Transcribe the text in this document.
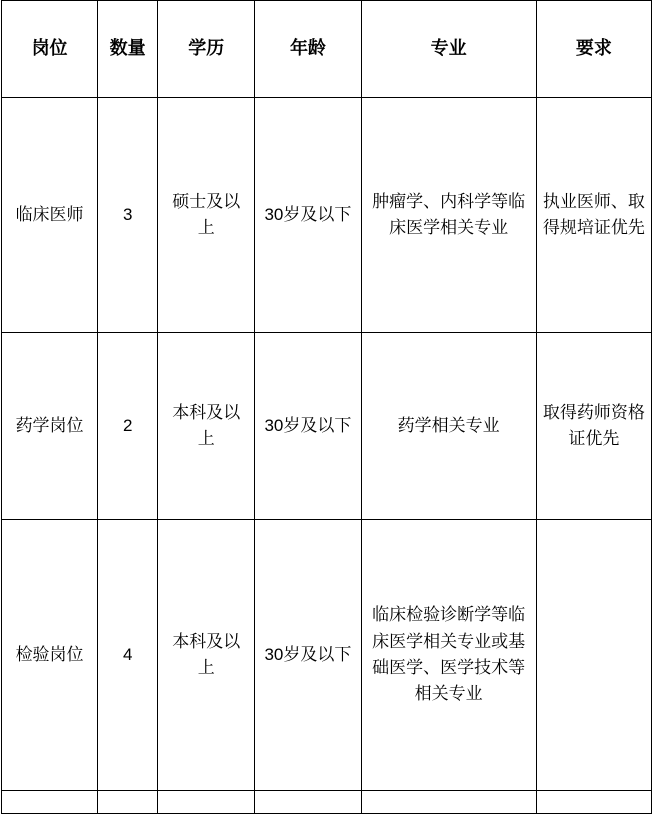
岗位	数量	学历	年龄	专业	要求
临床医师	3	硕士及以上	30岁及以下	肿瘤学、内科学等临床医学相关专业	执业医师、取得规培证优先
药学岗位	2	本科及以上	30岁及以下	药学相关专业	取得药师资格证优先
检验岗位	4	本科及以上	30岁及以下	临床检验诊断学等临床医学相关专业或基础医学、医学技术等相关专业	
